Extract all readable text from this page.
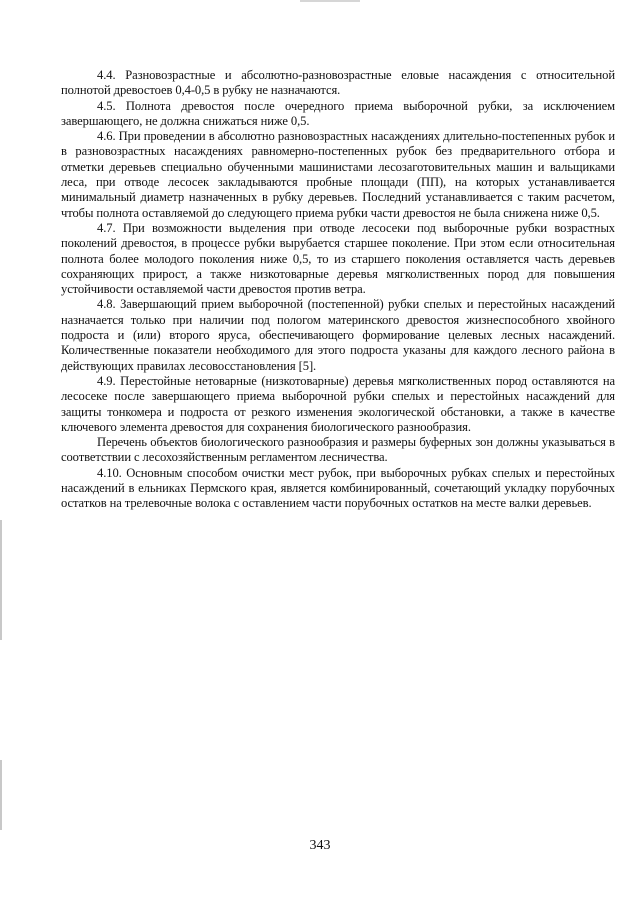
4.4. Разновозрастные и абсолютно-разновозрастные еловые насаждения с относительной полнотой древостоев 0,4-0,5 в рубку не назначаются.

4.5. Полнота древостоя после очередного приема выборочной рубки, за исключением завершающего, не должна снижаться ниже 0,5.

4.6. При проведении в абсолютно разновозрастных насаждениях длительно-постепенных рубок и в разновозрастных насаждениях равномерно-постепенных рубок без предварительного отбора и отметки деревьев специально обученными машинистами лесозаготовительных машин и вальщиками леса, при отводе лесосек закладываются пробные площади (ПП), на которых устанавливается минимальный диаметр назначенных в рубку деревьев. Последний устанавливается с таким расчетом, чтобы полнота оставляемой до следующего приема рубки части древостоя не была снижена ниже 0,5.

4.7. При возможности выделения при отводе лесосеки под выборочные рубки возрастных поколений древостоя, в процессе рубки вырубается старшее поколение. При этом если относительная полнота более молодого поколения ниже 0,5, то из старшего поколения оставляется часть деревьев сохраняющих прирост, а также низкотоварные деревья мягколиственных пород для повышения устойчивости оставляемой части древостоя против ветра.

4.8. Завершающий прием выборочной (постепенной) рубки спелых и перестойных насаждений назначается только при наличии под пологом материнского древостоя жизнеспособного хвойного подроста и (или) второго яруса, обеспечивающего формирование целевых лесных насаждений. Количественные показатели необходимого для этого подроста указаны для каждого лесного района в действующих правилах лесовосстановления [5].

4.9. Перестойные нетоварные (низкотоварные) деревья мягколиственных пород оставляются на лесосеке после завершающего приема выборочной рубки спелых и перестойных насаждений для защиты тонкомера и подроста от резкого изменения экологической обстановки, а также в качестве ключевого элемента древостоя для сохранения биологического разнообразия.

Перечень объектов биологического разнообразия и размеры буферных зон должны указываться в соответствии с лесохозяйственным регламентом лесничества.

4.10. Основным способом очистки мест рубок, при выборочных рубках спелых и перестойных насаждений в ельниках Пермского края, является комбинированный, сочетающий укладку порубочных остатков на трелевочные волока с оставлением части порубочных остатков на месте валки деревьев.

343
